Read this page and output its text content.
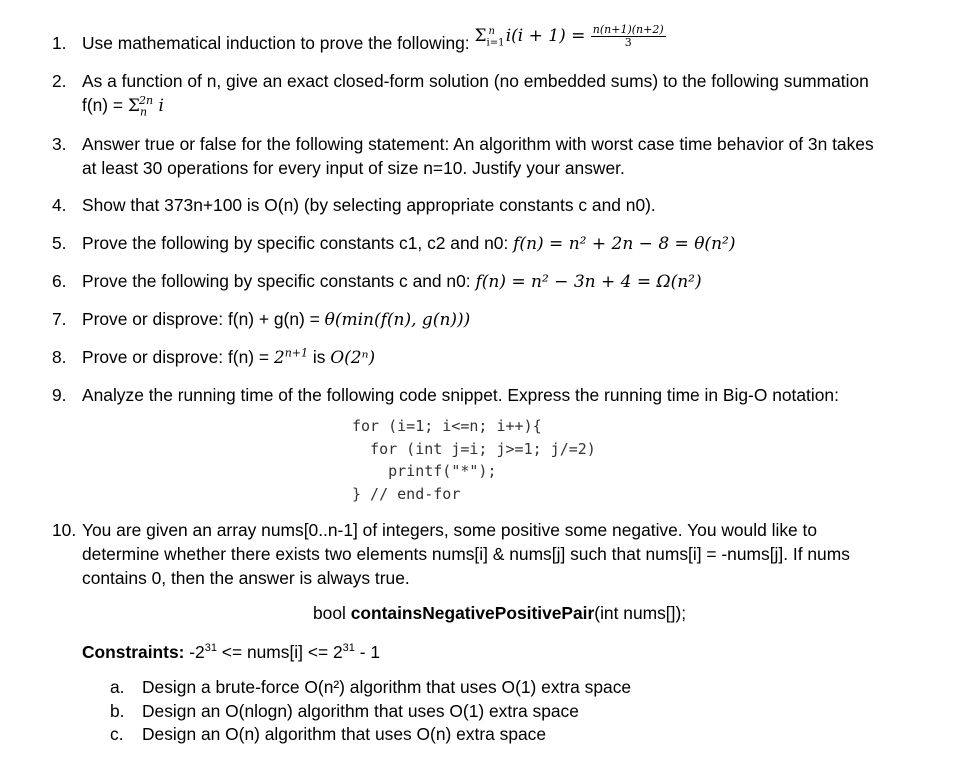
1. Use mathematical induction to prove the following: $\Sigma_{i=1}^n$ $i(i + 1) = \frac{n(n+1)(n+2)}{3}$
2. As a function of n, give an exact closed-form solution (no embedded sums) to the following summation
$f(n) = \Sigma_n^{2n}$ i
3. Answer true or false for the following statement: An algorithm with worst case time behavior of 3n takes
at least 30 operations for every input of size n=10. Justify your answer.
4. Show that 373n+100 is O(n) (by selecting appropriate constants c and n0).
5. Prove the following by specific constants c1, c2 and n0: f(n) = n² + 2n − 8 = θ(n²)
6. Prove the following by specific constants c and n0: f(n) = n² − 3n + 4 = Ω(n²)
7. Prove or disprove: f(n) + g(n) = θ(min(f(n), g(n)))
8. Prove or disprove: $f(n) = 2^{n+1}$ is O(2ⁿ)
9. Analyze the running time of the following code snippet. Express the running time in Big-O notation:
for (i=1; i<=n; i++){
for (int j=i; j>=1; j/=2)
printf("*");
} // end-for
10. You are given an array nums[0..n-1] of integers, some positive some negative. You would like to
determine whether there exists two elements nums[i] & nums[j] such that nums[i] = -nums[j]. If nums
contains 0, then the answer is always true.
bool containsNegativePositivePair(int nums[]);
Constraints: $-2^{31}$ <= nums[i] <= $2^{31} - 1$
a. Design a brute-force O(n²) algorithm that uses O(1) extra space
b. Design an O(nlogn) algorithm that uses O(1) extra space
c. Design an O(n) algorithm that uses O(n) extra space
